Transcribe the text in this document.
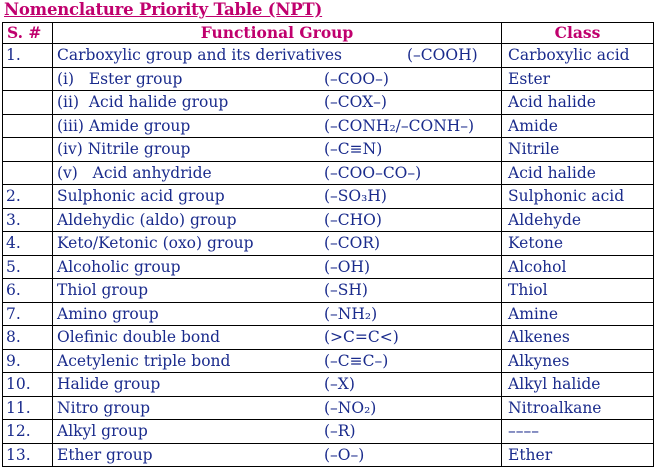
Nomenclature Priority Table (NPT)
S. #	Functional Group	Class
1.	Carboxylic group and its derivatives (–COOH)	Carboxylic acid

	(i)   Ester group (–COO–)	Ester

	(ii)  Acid halide group (–COX–)	Acid halide

	(iii) Amide group (–CONH₂/–CONH–)	Amide

	(iv) Nitrile group (–C≡N)	Nitrile

	(v)   Acid anhydride (–COO–CO–)	Acid halide
2.	Sulphonic acid group (–SO₃H)	Sulphonic acid
3.	Aldehydic (aldo) group (–CHO)	Aldehyde
4.	Keto/Ketonic (oxo) group (–COR)	Ketone
5.	Alcoholic group (–OH)	Alcohol
6.	Thiol group (–SH)	Thiol
7.	Amino group (–NH₂)	Amine
8.	Olefinic double bond (>C=C<)	Alkenes
9.	Acetylenic triple bond (–C≡C–)	Alkynes
10.	Halide group (–X)	Alkyl halide
11.	Nitro group (–NO₂)	Nitroalkane
12.	Alkyl group (–R)	––––
13.	Ether group (–O–)	Ether
